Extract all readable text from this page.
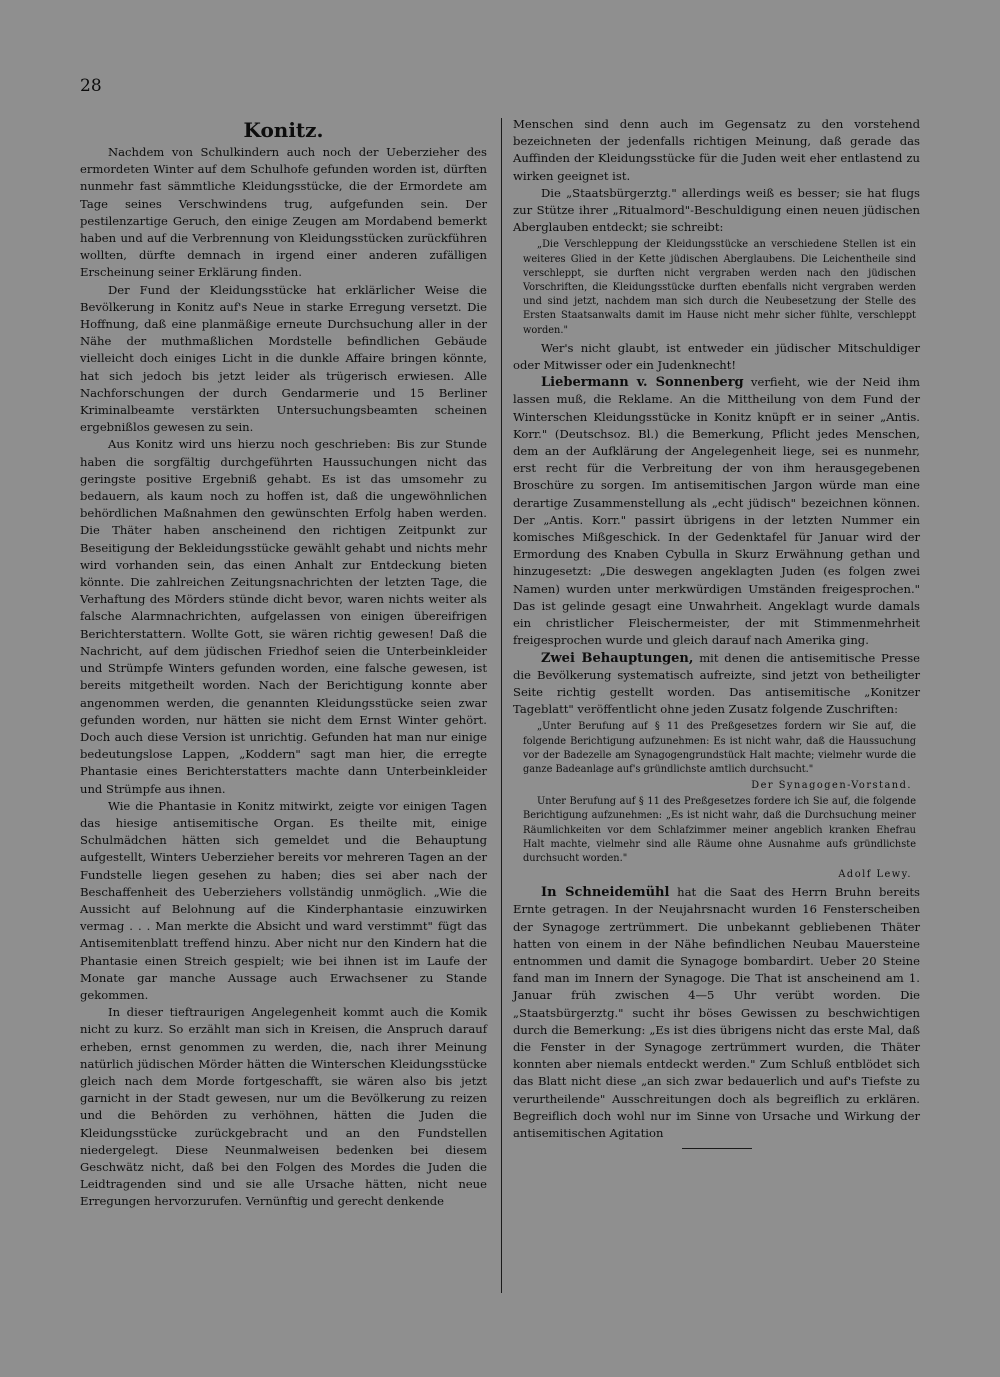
28
Konitz.

Nachdem von Schulkindern auch noch der Ueberzieher des ermordeten Winter auf dem Schulhofe gefunden worden ist, dürften nunmehr fast sämmtliche Kleidungsstücke, die der Ermordete am Tage seines Verschwindens trug, aufgefunden sein. Der pestilenzartige Geruch, den einige Zeugen am Mordabend bemerkt haben und auf die Verbrennung von Kleidungsstücken zurückführen wollten, dürfte demnach in irgend einer anderen zufälligen Erscheinung seiner Erklärung finden.

Der Fund der Kleidungsstücke hat erklärlicher Weise die Bevölkerung in Konitz auf's Neue in starke Erregung versetzt. Die Hoffnung, daß eine planmäßige erneute Durchsuchung aller in der Nähe der muthmaßlichen Mordstelle befindlichen Gebäude vielleicht doch einiges Licht in die dunkle Affaire bringen könnte, hat sich jedoch bis jetzt leider als trügerisch erwiesen. Alle Nachforschungen der durch Gendarmerie und 15 Berliner Kriminalbeamte verstärkten Untersuchungsbeamten scheinen ergebnißlos gewesen zu sein.

Aus Konitz wird uns hierzu noch geschrieben: Bis zur Stunde haben die sorgfältig durchgeführten Haussuchungen nicht das geringste positive Ergebniß gehabt. Es ist das umsomehr zu bedauern, als kaum noch zu hoffen ist, daß die ungewöhnlichen behördlichen Maßnahmen den gewünschten Erfolg haben werden. Die Thäter haben anscheinend den richtigen Zeitpunkt zur Beseitigung der Bekleidungsstücke gewählt gehabt und nichts mehr wird vorhanden sein, das einen Anhalt zur Entdeckung bieten könnte. Die zahlreichen Zeitungsnachrichten der letzten Tage, die Verhaftung des Mörders stünde dicht bevor, waren nichts weiter als falsche Alarmnachrichten, aufgelassen von einigen übereifrigen Berichterstattern. Wollte Gott, sie wären richtig gewesen! Daß die Nachricht, auf dem jüdischen Friedhof seien die Unterbeinkleider und Strümpfe Winters gefunden worden, eine falsche gewesen, ist bereits mitgetheilt worden. Nach der Berichtigung konnte aber angenommen werden, die genannten Kleidungsstücke seien zwar gefunden worden, nur hätten sie nicht dem Ernst Winter gehört. Doch auch diese Version ist unrichtig. Gefunden hat man nur einige bedeutungslose Lappen, „Koddern" sagt man hier, die erregte Phantasie eines Berichterstatters machte dann Unterbeinkleider und Strümpfe aus ihnen.

Wie die Phantasie in Konitz mitwirkt, zeigte vor einigen Tagen das hiesige antisemitische Organ. Es theilte mit, einige Schulmädchen hätten sich gemeldet und die Behauptung aufgestellt, Winters Ueberzieher bereits vor mehreren Tagen an der Fundstelle liegen gesehen zu haben; dies sei aber nach der Beschaffenheit des Ueberziehers vollständig unmöglich. „Wie die Aussicht auf Belohnung auf die Kinderphantasie einzuwirken vermag . . . Man merkte die Absicht und ward verstimmt" fügt das Antisemitenblatt treffend hinzu. Aber nicht nur den Kindern hat die Phantasie einen Streich gespielt; wie bei ihnen ist im Laufe der Monate gar manche Aussage auch Erwachsener zu Stande gekommen.

In dieser tieftraurigen Angelegenheit kommt auch die Komik nicht zu kurz. So erzählt man sich in Kreisen, die Anspruch darauf erheben, ernst genommen zu werden, die, nach ihrer Meinung natürlich jüdischen Mörder hätten die Winterschen Kleidungsstücke gleich nach dem Morde fortgeschafft, sie wären also bis jetzt garnicht in der Stadt gewesen, nur um die Bevölkerung zu reizen und die Behörden zu verhöhnen, hätten die Juden die Kleidungsstücke zurückgebracht und an den Fundstellen niedergelegt. Diese Neunmalweisen bedenken bei diesem Geschwätz nicht, daß bei den Folgen des Mordes die Juden die Leidtragenden sind und sie alle Ursache hätten, nicht neue Erregungen hervorzurufen. Vernünftig und gerecht denkende

Menschen sind denn auch im Gegensatz zu den vorstehend bezeichneten der jedenfalls richtigen Meinung, daß gerade das Auffinden der Kleidungsstücke für die Juden weit eher entlastend zu wirken geeignet ist.

Die „Staatsbürgerztg." allerdings weiß es besser; sie hat flugs zur Stütze ihrer „Ritualmord"-Beschuldigung einen neuen jüdischen Aberglauben entdeckt; sie schreibt:

„Die Verschleppung der Kleidungsstücke an verschiedene Stellen ist ein weiteres Glied in der Kette jüdischen Aberglaubens. Die Leichentheile sind verschleppt, sie durften nicht vergraben werden nach den jüdischen Vorschriften, die Kleidungsstücke durften ebenfalls nicht vergraben werden und sind jetzt, nachdem man sich durch die Neubesetzung der Stelle des Ersten Staatsanwalts damit im Hause nicht mehr sicher fühlte, verschleppt worden."

Wer's nicht glaubt, ist entweder ein jüdischer Mitschuldiger oder Mitwisser oder ein Judenknecht!

Liebermann v. Sonnenberg verfieht, wie der Neid ihm lassen muß, die Reklame. An die Mittheilung von dem Fund der Winterschen Kleidungsstücke in Konitz knüpft er in seiner „Antis. Korr." (Deutschsoz. Bl.) die Bemerkung, Pflicht jedes Menschen, dem an der Aufklärung der Angelegenheit liege, sei es nunmehr, erst recht für die Verbreitung der von ihm herausgegebenen Broschüre zu sorgen. Im antisemitischen Jargon würde man eine derartige Zusammenstellung als „echt jüdisch" bezeichnen können. Der „Antis. Korr." passirt übrigens in der letzten Nummer ein komisches Mißgeschick. In der Gedenktafel für Januar wird der Ermordung des Knaben Cybulla in Skurz Erwähnung gethan und hinzugesetzt: „Die deswegen angeklagten Juden (es folgen zwei Namen) wurden unter merkwürdigen Umständen freigesprochen." Das ist gelinde gesagt eine Unwahrheit. Angeklagt wurde damals ein christlicher Fleischermeister, der mit Stimmenmehrheit freigesprochen wurde und gleich darauf nach Amerika ging.

Zwei Behauptungen, mit denen die antisemitische Presse die Bevölkerung systematisch aufreizte, sind jetzt von betheiligter Seite richtig gestellt worden. Das antisemitische „Konitzer Tageblatt" veröffentlicht ohne jeden Zusatz folgende Zuschriften:

„Unter Berufung auf § 11 des Preßgesetzes fordern wir Sie auf, die folgende Berichtigung aufzunehmen: Es ist nicht wahr, daß die Haussuchung vor der Badezelle am Synagogengrundstück Halt machte; vielmehr wurde die ganze Badeanlage auf's gründlichste amtlich durchsucht."
Der Synagogen-Vorstand.
Unter Berufung auf § 11 des Preßgesetzes fordere ich Sie auf, die folgende Berichtigung aufzunehmen: „Es ist nicht wahr, daß die Durchsuchung meiner Räumlichkeiten vor dem Schlafzimmer meiner angeblich kranken Ehefrau Halt machte, vielmehr sind alle Räume ohne Ausnahme aufs gründlichste durchsucht worden."
Adolf Lewy.

In Schneidemühl hat die Saat des Herrn Bruhn bereits Ernte getragen. In der Neujahrsnacht wurden 16 Fensterscheiben der Synagoge zertrümmert. Die unbekannt gebliebenen Thäter hatten von einem in der Nähe befindlichen Neubau Mauersteine entnommen und damit die Synagoge bombardirt. Ueber 20 Steine fand man im Innern der Synagoge. Die That ist anscheinend am 1. Januar früh zwischen 4—5 Uhr verübt worden. Die „Staatsbürgerztg." sucht ihr böses Gewissen zu beschwichtigen durch die Bemerkung: „Es ist dies übrigens nicht das erste Mal, daß die Fenster in der Synagoge zertrümmert wurden, die Thäter konnten aber niemals entdeckt werden." Zum Schluß entblödet sich das Blatt nicht diese „an sich zwar bedauerlich und auf's Tiefste zu verurtheilende" Ausschreitungen doch als begreiflich zu erklären. Begreiflich doch wohl nur im Sinne von Ursache und Wirkung der antisemitischen Agitation
